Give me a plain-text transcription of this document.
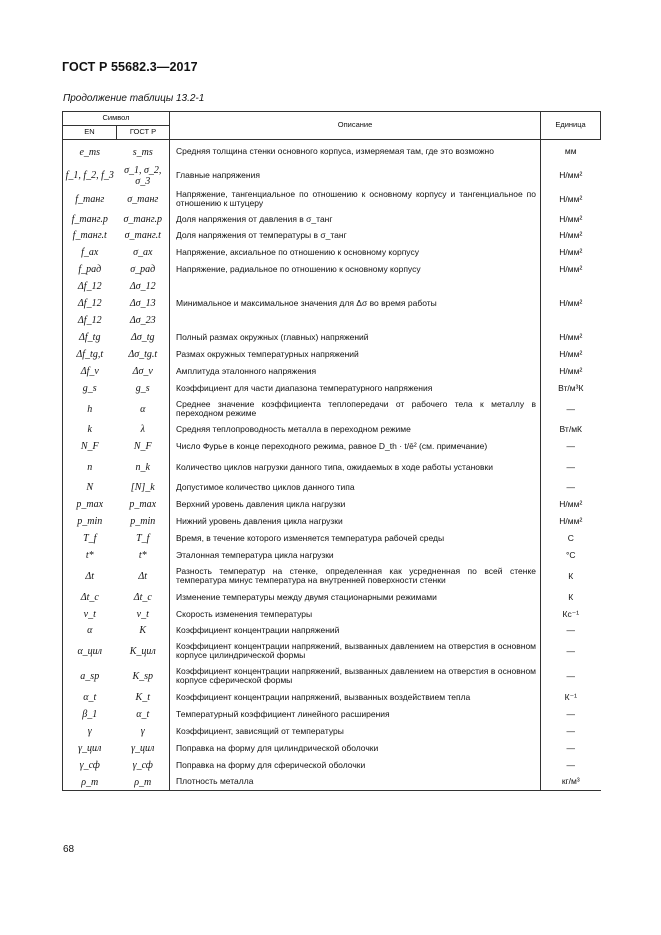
ГОСТ Р 55682.3—2017
Продолжение таблицы 13.2-1
Символ		Описание	Единица
EN	ГОСТ Р		
e_ms	s_ms	Средняя толщина стенки основного корпуса, измеряемая там, где это возможно	мм
f_1, f_2, f_3	σ_1, σ_2, σ_3	Главные напряжения	Н/мм²
f_танг	σ_танг	Напряжение, тангенциальное по отношению к основному корпусу и тангенциальное по отношению к штуцеру	Н/мм²
f_танг.p	σ_танг.p	Доля напряжения от давления в σ_танг	Н/мм²
f_танг.t	σ_танг.t	Доля напряжения от температуры в σ_танг	Н/мм²
f_ах	σ_ах	Напряжение, аксиальное по отношению к основному корпусу	Н/мм²
f_рад	σ_рад	Напряжение, радиальное по отношению к основному корпусу	Н/мм²
Δf_12	Δσ_12		
Δf_12	Δσ_13	Минимальное и максимальное значения для Δσ во время работы	Н/мм²
Δf_12	Δσ_23		
Δf_tg	Δσ_tg	Полный размах окружных (главных) напряжений	Н/мм²
Δf_tg,t	Δσ_tg.t	Размах окружных температурных напряжений	Н/мм²
Δf_v	Δσ_v	Амплитуда эталонного напряжения	Н/мм²
g_s	g_s	Коэффициент для части диапазона температурного напряжения	Вт/м³К
h	α	Среднее значение коэффициента теплопередачи от рабочего тела к металлу в переходном режиме	—
k	λ	Средняя теплопроводность металла в переходном режиме	Вт/мК
N_F	N_F	Число Фурье в конце переходного режима, равное D_th · t/ē² (см. примечание)	—
n	n_k	Количество циклов нагрузки данного типа, ожидаемых в ходе работы установки	—
N	[N]_k	Допустимое количество циклов данного типа	—
p_max	p_max	Верхний уровень давления цикла нагрузки	Н/мм²
p_min	p_min	Нижний уровень давления цикла нагрузки	Н/мм²
T_f	T_f	Время, в течение которого изменяется температура рабочей среды	С
t*	t*	Эталонная температура цикла нагрузки	°С
Δt	Δt	Разность температур на стенке, определенная как усредненная по всей стенке температура минус температура на внутренней поверхности стенки	К
Δt_c	Δt_c	Изменение температуры между двумя стационарными режимами	К
v_t	v_t	Скорость изменения температуры	Кс⁻¹
α	K	Коэффициент концентрации напряжений	—
α_цил	K_цил	Коэффициент концентрации напряжений, вызванных давлением на отверстия в основном корпусе цилиндрической формы	—
a_sp	K_sp	Коэффициент концентрации напряжений, вызванных давлением на отверстия в основном корпусе сферической формы	—
α_t	K_t	Коэффициент концентрации напряжений, вызванных воздействием тепла	К⁻¹
β_1	α_t	Температурный коэффициент линейного расширения	—
γ	γ	Коэффициент, зависящий от температуры	—
γ_цил	γ_цил	Поправка на форму для цилиндрической оболочки	—
γ_сф	γ_сф	Поправка на форму для сферической оболочки	—
ρ_m	ρ_m	Плотность металла	кг/м³
68
